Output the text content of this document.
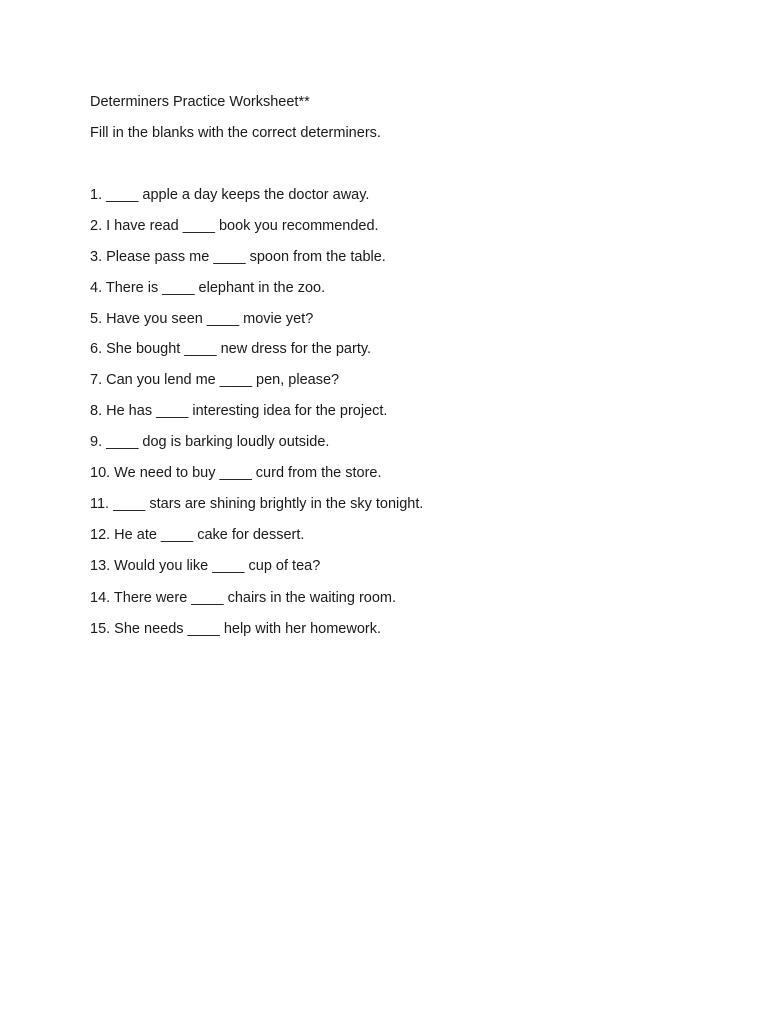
Determiners Practice Worksheet**

Fill in the blanks with the correct determiners.

1. ____ apple a day keeps the doctor away.
2. I have read ____ book you recommended.
3. Please pass me ____ spoon from the table.
4. There is ____ elephant in the zoo.
5. Have you seen ____ movie yet?
6. She bought ____ new dress for the party.
7. Can you lend me ____ pen, please?
8. He has ____ interesting idea for the project.
9. ____ dog is barking loudly outside.
10. We need to buy ____ curd from the store.
11. ____ stars are shining brightly in the sky tonight.
12. He ate ____ cake for dessert.
13. Would you like ____ cup of tea?
14. There were ____ chairs in the waiting room.
15. She needs ____ help with her homework.
